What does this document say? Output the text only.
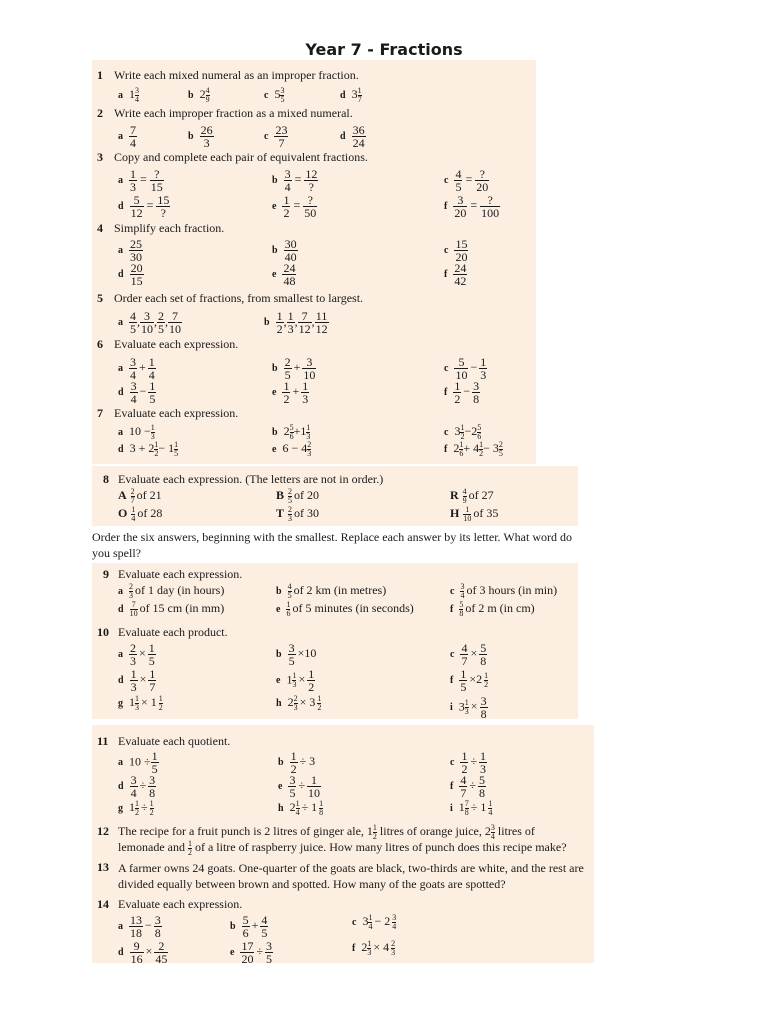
Year 7 - Fractions
1 Write each mixed numeral as an improper fraction.
a $1 \frac{3}{4}$	b $2 \frac{4}{9}$	c $5 \frac{3}{5}$	d $3 \frac{1}{7}$
2 Write each improper fraction as a mixed numeral.
a $\frac{7}{4}$	b $\frac{26}{3}$	c $\frac{23}{7}$	d $\frac{36}{24}$
3 Copy and complete each pair of equivalent fractions.
a $\frac{1}{3} = \frac{?}{15}$	b $\frac{3}{4} = \frac{12}{?}$	c $\frac{4}{5} = \frac{?}{20}$
d $\frac{5}{12} = \frac{15}{?}$	e $\frac{1}{2} = \frac{?}{50}$	f $\frac{3}{20} = \frac{?}{100}$
4 Simplify each fraction.
a $\frac{25}{30}$	b $\frac{30}{40}$	c $\frac{15}{20}$
d $\frac{20}{15}$	e $\frac{24}{48}$	f $\frac{24}{42}$
5 Order each set of fractions, from smallest to largest.
a $\frac{4}{5}$ , $\frac{3}{10}$ , $\frac{2}{5}$ , $\frac{7}{10}$	b $\frac{1}{2}$ , $\frac{1}{3}$ , $\frac{7}{12}$ , $\frac{11}{12}$
6 Evaluate each expression.
a $\frac{3}{4} + \frac{1}{4}$	b $\frac{2}{5} + \frac{3}{10}$	c $\frac{5}{10} - \frac{1}{3}$
d $\frac{3}{4} - \frac{1}{5}$	e $\frac{1}{2} + \frac{1}{3}$	f $\frac{1}{2} - \frac{3}{8}$
7 Evaluate each expression.
a $10 - \frac{1}{3}$	b $2 \frac{5}{6} +1 \frac{1}{3}$	c $3 \frac{1}{2} -2 \frac{5}{6}$
d $3 + 2 \frac{1}{2} - 1 \frac{1}{5}$	e $6 - 4 \frac{2}{3}$	f $2 \frac{1}{6} + 4 \frac{1}{2} - 3 \frac{2}{5}$
8 Evaluate each expression. (The letters are not in order.)
A $\frac{2}{7}$ of 21	B $\frac{2}{5}$ of 20	R $\frac{4}{9}$ of 27
O $\frac{1}{4}$ of 28	T $\frac{2}{3}$ of 30	H $\frac{1}{10}$ of 35
Order the six answers, beginning with the smallest. Replace each answer by its letter. What word do you spell?
9 Evaluate each expression.
a $\frac{2}{3}$ of 1 day (in hours)	b $\frac{4}{5}$ of 2 km (in metres)	c $\frac{3}{4}$ of 3 hours (in min)
d $\frac{7}{10}$ of 15 cm (in mm)	e $\frac{1}{6}$ of 5 minutes (in seconds)	f $\frac{5}{8}$ of 2 m (in cm)
10 Evaluate each product.
a $\frac{2}{3} \times \frac{1}{5}$	b $\frac{3}{5} \times 10$	c $\frac{4}{7} \times \frac{5}{8}$
d $\frac{1}{3} \times \frac{1}{7}$	e $1 \frac{1}{3} \times \frac{1}{2}$	f $\frac{1}{5} \times 2 \frac{1}{2}$
g $1 \frac{1}{3} \times 1 \frac{1}{2}$	h $2 \frac{2}{3} \times 3 \frac{1}{2}$	i $3 \frac{1}{3} \times \frac{3}{8}$
11 Evaluate each quotient.
a $10 \div \frac{1}{5}$	b $\frac{1}{2} \div 3$	c $\frac{1}{2} \div \frac{1}{3}$
d $\frac{3}{4} \div \frac{3}{8}$	e $\frac{3}{5} \div \frac{1}{10}$	f $\frac{4}{7} \div \frac{5}{8}$
g $1 \frac{1}{2} \div \frac{1}{2}$	h $2 \frac{1}{4} \div 1 \frac{1}{8}$	i $1 \frac{7}{8} \div 1 \frac{1}{4}$
12 The recipe for a fruit punch is 2 litres of ginger ale, $1 \frac{1}{2}$ litres of orange juice, $2 \frac{3}{4}$ litres of
lemonade and $\frac{1}{2}$ of a litre of raspberry juice. How many litres of punch does this recipe make?
13 A farmer owns 24 goats. One-quarter of the goats are black, two-thirds are white, and the rest are divided equally between brown and spotted. How many of the goats are spotted?
14 Evaluate each expression.
a $\frac{13}{18} - \frac{3}{8}$	b $\frac{5}{6} + \frac{4}{5}$	c $3 \frac{1}{4} - 2 \frac{3}{4}$
d $\frac{9}{16} \times \frac{2}{45}$	e $\frac{17}{20} \div \frac{3}{5}$	f $2 \frac{1}{3} \times 4 \frac{2}{3}$
